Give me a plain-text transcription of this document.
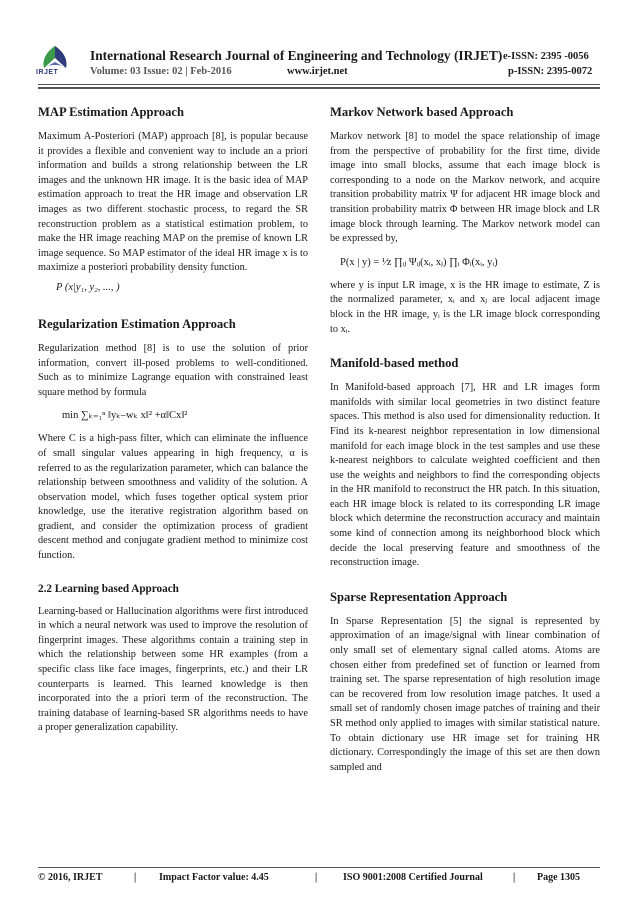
IRJET
International Research Journal of Engineering and Technology (IRJET) e-ISSN: 2395 -0056
Volume: 03 Issue: 02 | Feb-2016	www.irjet.net	p-ISSN: 2395-0072
MAP Estimation Approach

Maximum A-Posteriori (MAP) approach [8], is popular because it provides a flexible and convenient way to include an a priori information and builds a strong relationship between the LR images and the unknown HR image. It is the basic idea of MAP estimation approach to treat the HR image and observation LR images as two different stochastic process, to regard the SR reconstruction problem as a statistical estimation problem, to make the HR image reaching MAP on the premise of known LR image sequence. So MAP estimator of the ideal HR image x is to maximize a posteriori probability density function.

P (x|y₁, y₂, ..., )
Regularization Estimation Approach

Regularization method [8] is to use the solution of prior information, convert ill-posed problems to well-conditioned. Such as to minimize Lagrange equation with constrained least square method by formula

min ∑ₖ₌₁ⁿ ‖yₖ–wₖ x‖² +α‖Cx‖²

Where C is a high-pass filter, which can eliminate the influence of small singular values appearing in high frequency, α is referred to as the regularization parameter, which can balance the relationship between smoothness and validity of the solution. A observation model, which fuses together optical system prior knowledge, use the iterative registration algorithm based on gradient, and consider the optimization process of gradient descent method and conjugate gradient method to minimize cost function.

2.2 Learning based Approach

Learning-based or Hallucination algorithms were first introduced in which a neural network was used to improve the resolution of fingerprint images. These algorithms contain a training step in which the relationship between some HR examples (from a specific class like face images, fingerprints, etc.) and their LR counterparts is learned. This learned knowledge is then incorporated into the a priori term of the reconstruction. The training database of learning-based SR algorithms needs to have a proper generalization capability.

Markov Network based Approach

Markov network [8] to model the space relationship of image from the perspective of probability for the first time, divide image into small blocks, assume that each image block is corresponding to a node on the Markov network, and acquire transition probability matrix Ψ for adjacent HR image block and transition probability matrix Φ between HR image block and LR image block through learning. The Markov network model can be expressed by,

P(x | y) = ¹⁄z ∏ᵢⱼ Ψᵢⱼ(xᵢ, xⱼ) ∏ᵢ Φᵢ(xᵢ, yᵢ)

where y is input LR image, x is the HR image to estimate, Z is the normalized parameter, xᵢ and xⱼ are local adjacent image block in the HR image, yᵢ is the LR image block corresponding to xᵢ.

Manifold-based method

In Manifold-based approach [7], HR and LR images form manifolds with similar local geometries in two distinct feature spaces. This method is also used for dimensionality reduction. It Find its k-nearest neighbor representation in low dimensional manifold for each image block in the test samples and use these k-nearest neighbors to calculate weighted coefficient and then use the weights and neighbors to find the corresponding objects in the HR manifold to reconstruct the HR patch. In this situation, each HR image block is related to its corresponding LR image block which determine the reconstruction accuracy and maintain some kind of connection among its neighborhood block which decide the local preserving feature and smoothness of the reconstruction image.

Sparse Representation Approach

In Sparse Representation [5] the signal is represented by approximation of an image/signal with linear combination of only small set of elementary signal called atoms. Atoms are chosen either from predefined set of function or learned from training set. The sparse representation of high resolution image can be recovered from low resolution image patches. It used a small set of randomly chosen image patches of training and their SR method only applied to images with similar statistical nature. To obtain dictionary use HR image set for training HR dictionary. Correspondingly the image of this set are then down sampled and

© 2016, IRJET	| Impact Factor value: 4.45	|	ISO 9001:2008 Certified Journal	| Page 1305
